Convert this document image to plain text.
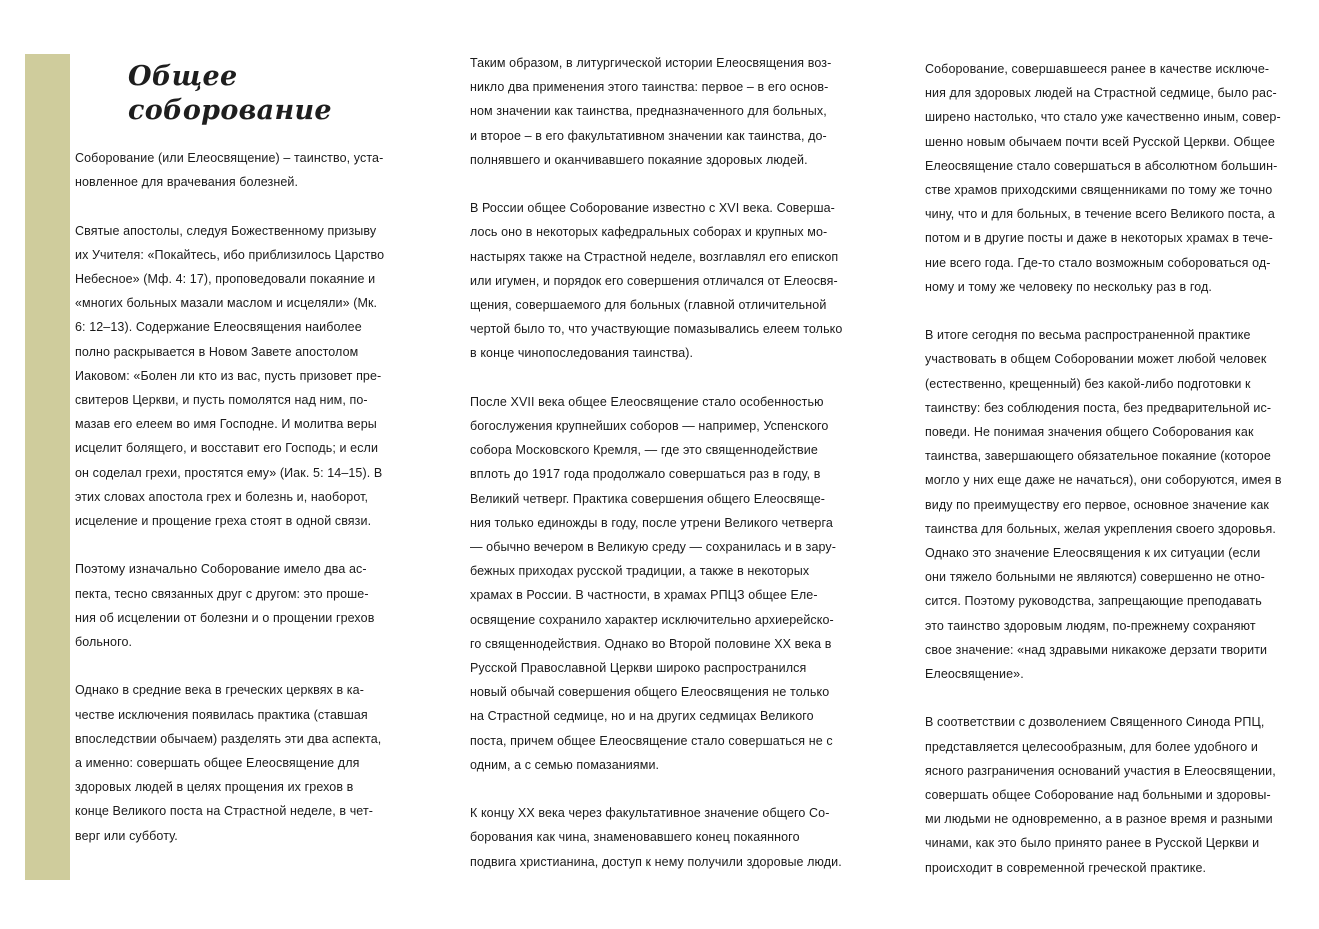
Общее
соборование

Соборование (или Елеосвящение) – таинство, уста-
новленное для врачевания болезней.

Святые апостолы, следуя Божественному призыву
их Учителя: «Покайтесь, ибо приблизилось Царство
Небесное» (Мф. 4: 17), проповедовали покаяние и
«многих больных мазали маслом и исцеляли» (Мк.
6: 12–13). Содержание Елеосвящения наиболее
полно раскрывается в Новом Завете апостолом
Иаковом: «Болен ли кто из вас, пусть призовет пре-
свитеров Церкви, и пусть помолятся над ним, по-
мазав его елеем во имя Господне. И молитва веры
исцелит болящего, и восставит его Господь; и если
он соделал грехи, простятся ему» (Иак. 5: 14–15). В
этих словах апостола грех и болезнь и, наоборот,
исцеление и прощение греха стоят в одной связи.

Поэтому изначально Соборование имело два ас-
пекта, тесно связанных друг с другом: это проше-
ния об исцелении от болезни и о прощении грехов
больного.

Однако в средние века в греческих церквях в ка-
честве исключения появилась практика (ставшая
впоследствии обычаем) разделять эти два аспекта,
а именно: совершать общее Елеосвящение для
здоровых людей в целях прощения их грехов в
конце Великого поста на Страстной неделе, в чет-
верг или субботу.

Таким образом, в литургической истории Елеосвящения воз-
никло два применения этого таинства: первое – в его основ-
ном значении как таинства, предназначенного для больных,
и второе – в его факультативном значении как таинства, до-
полнявшего и оканчивавшего покаяние здоровых людей.

В России общее Соборование известно с XVI века. Соверша-
лось оно в некоторых кафедральных соборах и крупных мо-
настырях также на Страстной неделе, возглавлял его епископ
или игумен, и порядок его совершения отличался от Елеосвя-
щения, совершаемого для больных (главной отличительной
чертой было то, что участвующие помазывались елеем только
в конце чинопоследования таинства).

После XVII века общее Елеосвящение стало особенностью
богослужения крупнейших соборов — например, Успенского
собора Московского Кремля, — где это священнодействие
вплоть до 1917 года продолжало совершаться раз в году, в
Великий четверг. Практика совершения общего Елеосвяще-
ния только единожды в году, после утрени Великого четверга
— обычно вечером в Великую среду — сохранилась и в зару-
бежных приходах русской традиции, а также в некоторых
храмах в России. В частности, в храмах РПЦЗ общее Еле-
освящение сохранило характер исключительно архиерейско-
го священнодействия. Однако во Второй половине XX века в
Русской Православной Церкви широко распространился
новый обычай совершения общего Елеосвящения не только
на Страстной седмице, но и на других седмицах Великого
поста, причем общее Елеосвящение стало совершаться не с
одним, а с семью помазаниями.

К концу XX века через факультативное значение общего Со-
борования как чина, знаменовавшего конец покаянного
подвига христианина, доступ к нему получили здоровые люди.

Соборование, совершавшееся ранее в качестве исключе-
ния для здоровых людей на Страстной седмице, было рас-
ширено настолько, что стало уже качественно иным, совер-
шенно новым обычаем почти всей Русской Церкви. Общее
Елеосвящение стало совершаться в абсолютном большин-
стве храмов приходскими священниками по тому же точно
чину, что и для больных, в течение всего Великого поста, а
потом и в другие посты и даже в некоторых храмах в тече-
ние всего года. Где-то стало возможным собороваться од-
ному и тому же человеку по нескольку раз в год.

В итоге сегодня по весьма распространенной практике
участвовать в общем Соборовании может любой человек
(естественно, крещенный) без какой-либо подготовки к
таинству: без соблюдения поста, без предварительной ис-
поведи. Не понимая значения общего Соборования как
таинства, завершающего обязательное покаяние (которое
могло у них еще даже не начаться), они соборуются, имея в
виду по преимуществу его первое, основное значение как
таинства для больных, желая укрепления своего здоровья.
Однако это значение Елеосвящения к их ситуации (если
они тяжело больными не являются) совершенно не отно-
сится. Поэтому руководства, запрещающие преподавать
это таинство здоровым людям, по-прежнему сохраняют
свое значение: «над здравыми никакоже дерзати творити
Елеосвящение».

В соответствии с дозволением Священного Синода РПЦ,
представляется целесообразным, для более удобного и
ясного разграничения оснований участия в Елеосвящении,
совершать общее Соборование над больными и здоровы-
ми людьми не одновременно, а в разное время и разными
чинами, как это было принято ранее в Русской Церкви и
происходит в современной греческой практике.
